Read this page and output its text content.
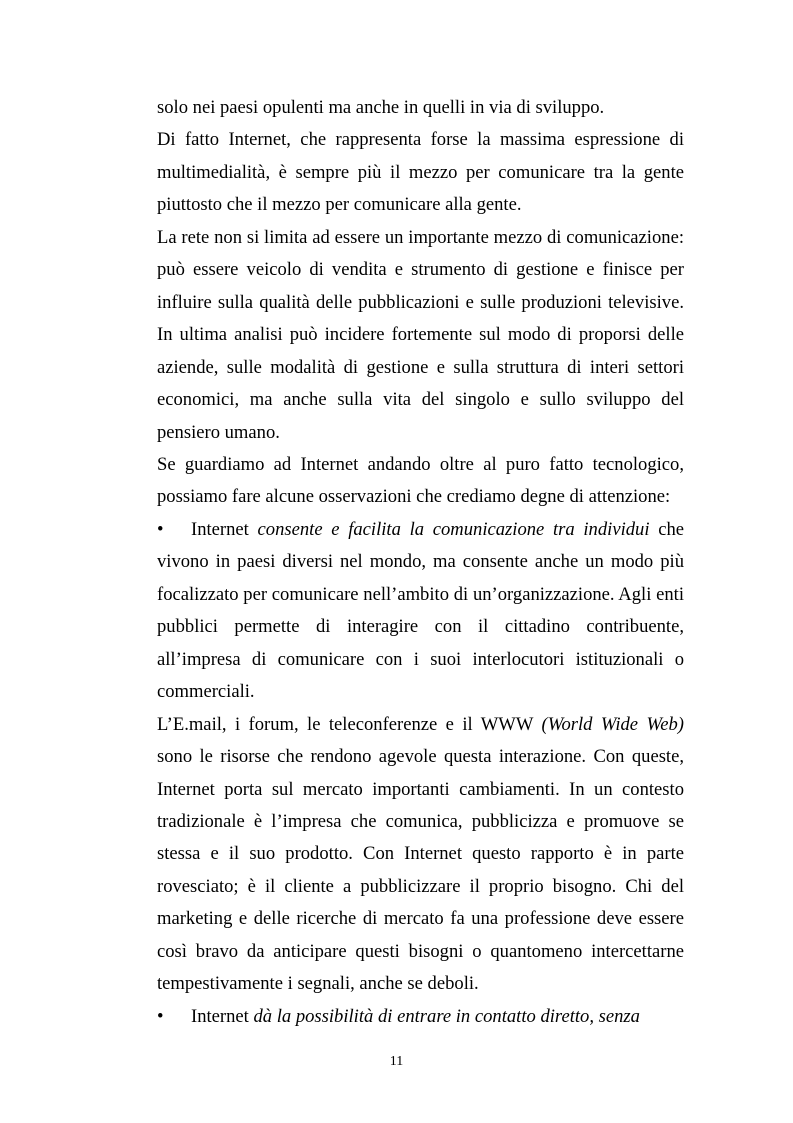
solo nei paesi opulenti ma anche in quelli in via di sviluppo.

Di fatto Internet, che rappresenta forse la massima espressione di multimedialità, è sempre più il mezzo per comunicare tra la gente piuttosto che il mezzo per comunicare alla gente.

La rete non si limita ad essere un importante mezzo di comunicazione: può essere veicolo di vendita e strumento di gestione e finisce per influire sulla qualità delle pubblicazioni e sulle produzioni televisive. In ultima analisi può incidere fortemente sul modo di proporsi delle aziende, sulle modalità di gestione e sulla struttura di interi settori economici, ma anche sulla vita del singolo e sullo sviluppo del pensiero umano.

Se guardiamo ad Internet andando oltre al puro fatto tecnologico, possiamo fare alcune osservazioni che crediamo degne di attenzione:

• Internet consente e facilita la comunicazione tra individui che vivono in paesi diversi nel mondo, ma consente anche un modo più focalizzato per comunicare nell’ambito di un’organizzazione. Agli enti pubblici permette di interagire con il cittadino contribuente, all’impresa di comunicare con i suoi interlocutori istituzionali o commerciali.

L’E.mail, i forum, le teleconferenze e il WWW (World Wide Web) sono le risorse che rendono agevole questa interazione. Con queste, Internet porta sul mercato importanti cambiamenti. In un contesto tradizionale è l’impresa che comunica, pubblicizza e promuove se stessa e il suo prodotto. Con Internet questo rapporto è in parte rovesciato; è il cliente a pubblicizzare il proprio bisogno. Chi del marketing e delle ricerche di mercato fa una professione deve essere così bravo da anticipare questi bisogni o quantomeno intercettarne tempestivamente i segnali, anche se deboli.

• Internet dà la possibilità di entrare in contatto diretto, senza

11
